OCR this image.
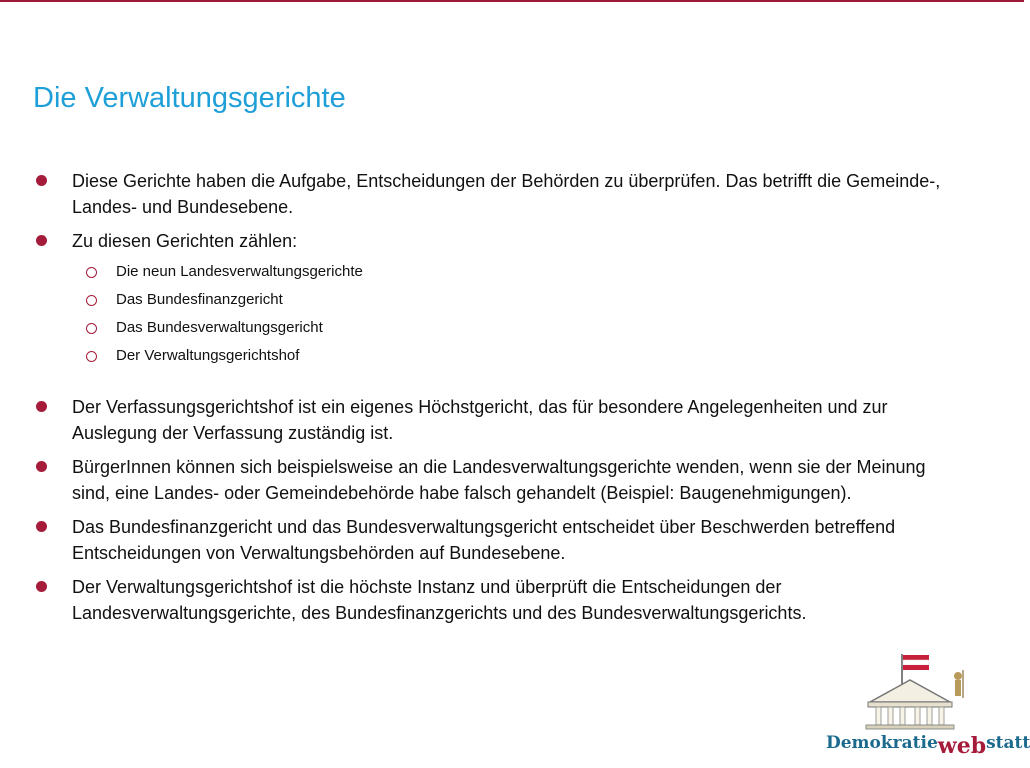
Die Verwaltungsgerichte
Diese Gerichte haben die Aufgabe, Entscheidungen der Behörden zu überprüfen. Das betrifft die Gemeinde-, Landes- und Bundesebene.
Zu diesen Gerichten zählen:
Die neun Landesverwaltungsgerichte
Das Bundesfinanzgericht
Das Bundesverwaltungsgericht
Der Verwaltungsgerichtshof
Der Verfassungsgerichtshof ist ein eigenes Höchstgericht, das für besondere Angelegenheiten und zur Auslegung der Verfassung zuständig ist.
BürgerInnen können sich beispielsweise an die Landesverwaltungsgerichte wenden, wenn sie der Meinung sind, eine Landes- oder Gemeindebehörde habe falsch gehandelt (Beispiel: Baugenehmigungen).
Das Bundesfinanzgericht und das Bundesverwaltungsgericht entscheidet über Beschwerden betreffend Entscheidungen von Verwaltungsbehörden auf Bundesebene.
Der Verwaltungsgerichtshof ist die höchste Instanz und überprüft die Entscheidungen der Landesverwaltungsgerichte, des Bundesfinanzgerichts und des Bundesverwaltungsgerichts.
Demokratiewebstatt
